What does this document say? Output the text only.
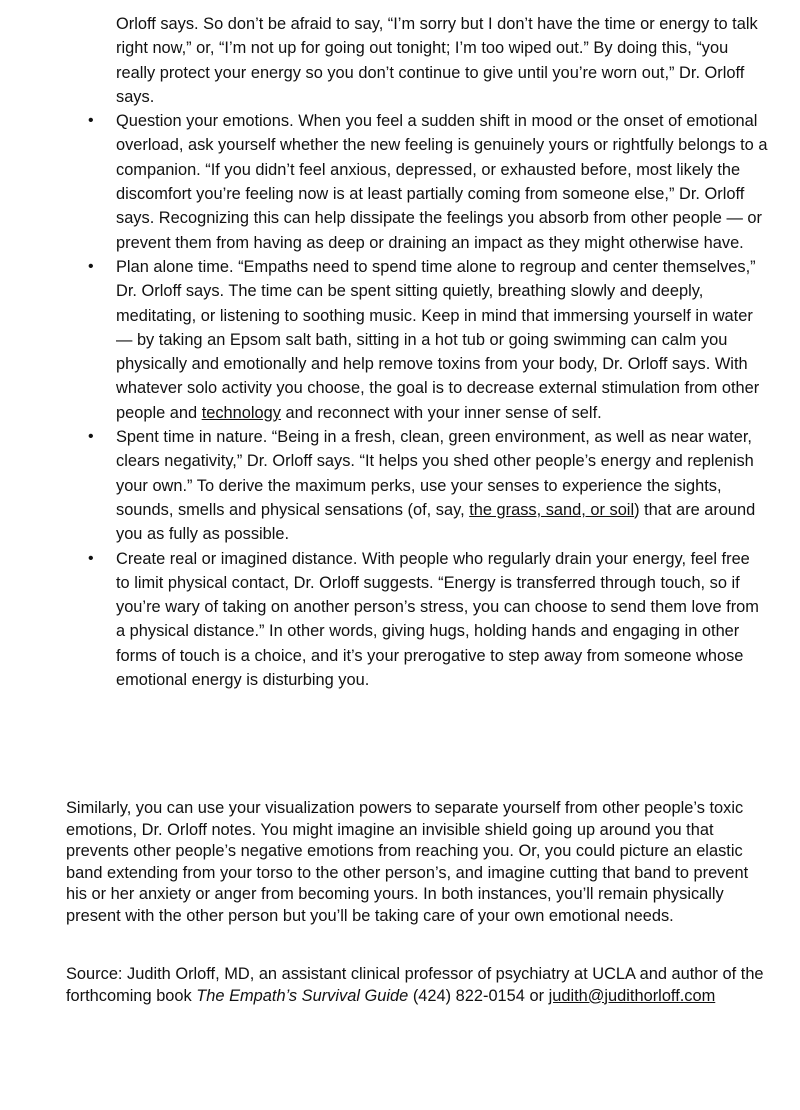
Orloff says. So don’t be afraid to say, “I’m sorry but I don’t have the time or energy to talk right now,” or, “I’m not up for going out tonight; I’m too wiped out.” By doing this, “you really protect your energy so you don’t continue to give until you’re worn out,” Dr. Orloff says.
•	Question your emotions. When you feel a sudden shift in mood or the onset of emotional overload, ask yourself whether the new feeling is genuinely yours or rightfully belongs to a companion. “If you didn’t feel anxious, depressed, or exhausted before, most likely the discomfort you’re feeling now is at least partially coming from someone else,” Dr. Orloff says. Recognizing this can help dissipate the feelings you absorb from other people — or prevent them from having as deep or draining an impact as they might otherwise have.
•	Plan alone time. “Empaths need to spend time alone to regroup and center themselves,” Dr. Orloff says. The time can be spent sitting quietly, breathing slowly and deeply, meditating, or listening to soothing music. Keep in mind that immersing yourself in water — by taking an Epsom salt bath, sitting in a hot tub or going swimming can calm you physically and emotionally and help remove toxins from your body, Dr. Orloff says. With whatever solo activity you choose, the goal is to decrease external stimulation from other people and technology and reconnect with your inner sense of self.
•	Spent time in nature. “Being in a fresh, clean, green environment, as well as near water, clears negativity,” Dr. Orloff says. “It helps you shed other people’s energy and replenish your own.” To derive the maximum perks, use your senses to experience the sights, sounds, smells and physical sensations (of, say, the grass, sand, or soil) that are around you as fully as possible.
•	Create real or imagined distance. With people who regularly drain your energy, feel free to limit physical contact, Dr. Orloff suggests. “Energy is transferred through touch, so if you’re wary of taking on another person’s stress, you can choose to send them love from a physical distance.” In other words, giving hugs, holding hands and engaging in other forms of touch is a choice, and it’s your prerogative to step away from someone whose emotional energy is disturbing you.

Similarly, you can use your visualization powers to separate yourself from other people’s toxic emotions, Dr. Orloff notes. You might imagine an invisible shield going up around you that prevents other people’s negative emotions from reaching you. Or, you could picture an elastic band extending from your torso to the other person’s, and imagine cutting that band to prevent his or her anxiety or anger from becoming yours. In both instances, you’ll remain physically present with the other person but you’ll be taking care of your own emotional needs.

Source: Judith Orloff, MD, an assistant clinical professor of psychiatry at UCLA and author of the forthcoming book The Empath’s Survival Guide (424) 822-0154 or judith@judithorloff.com
